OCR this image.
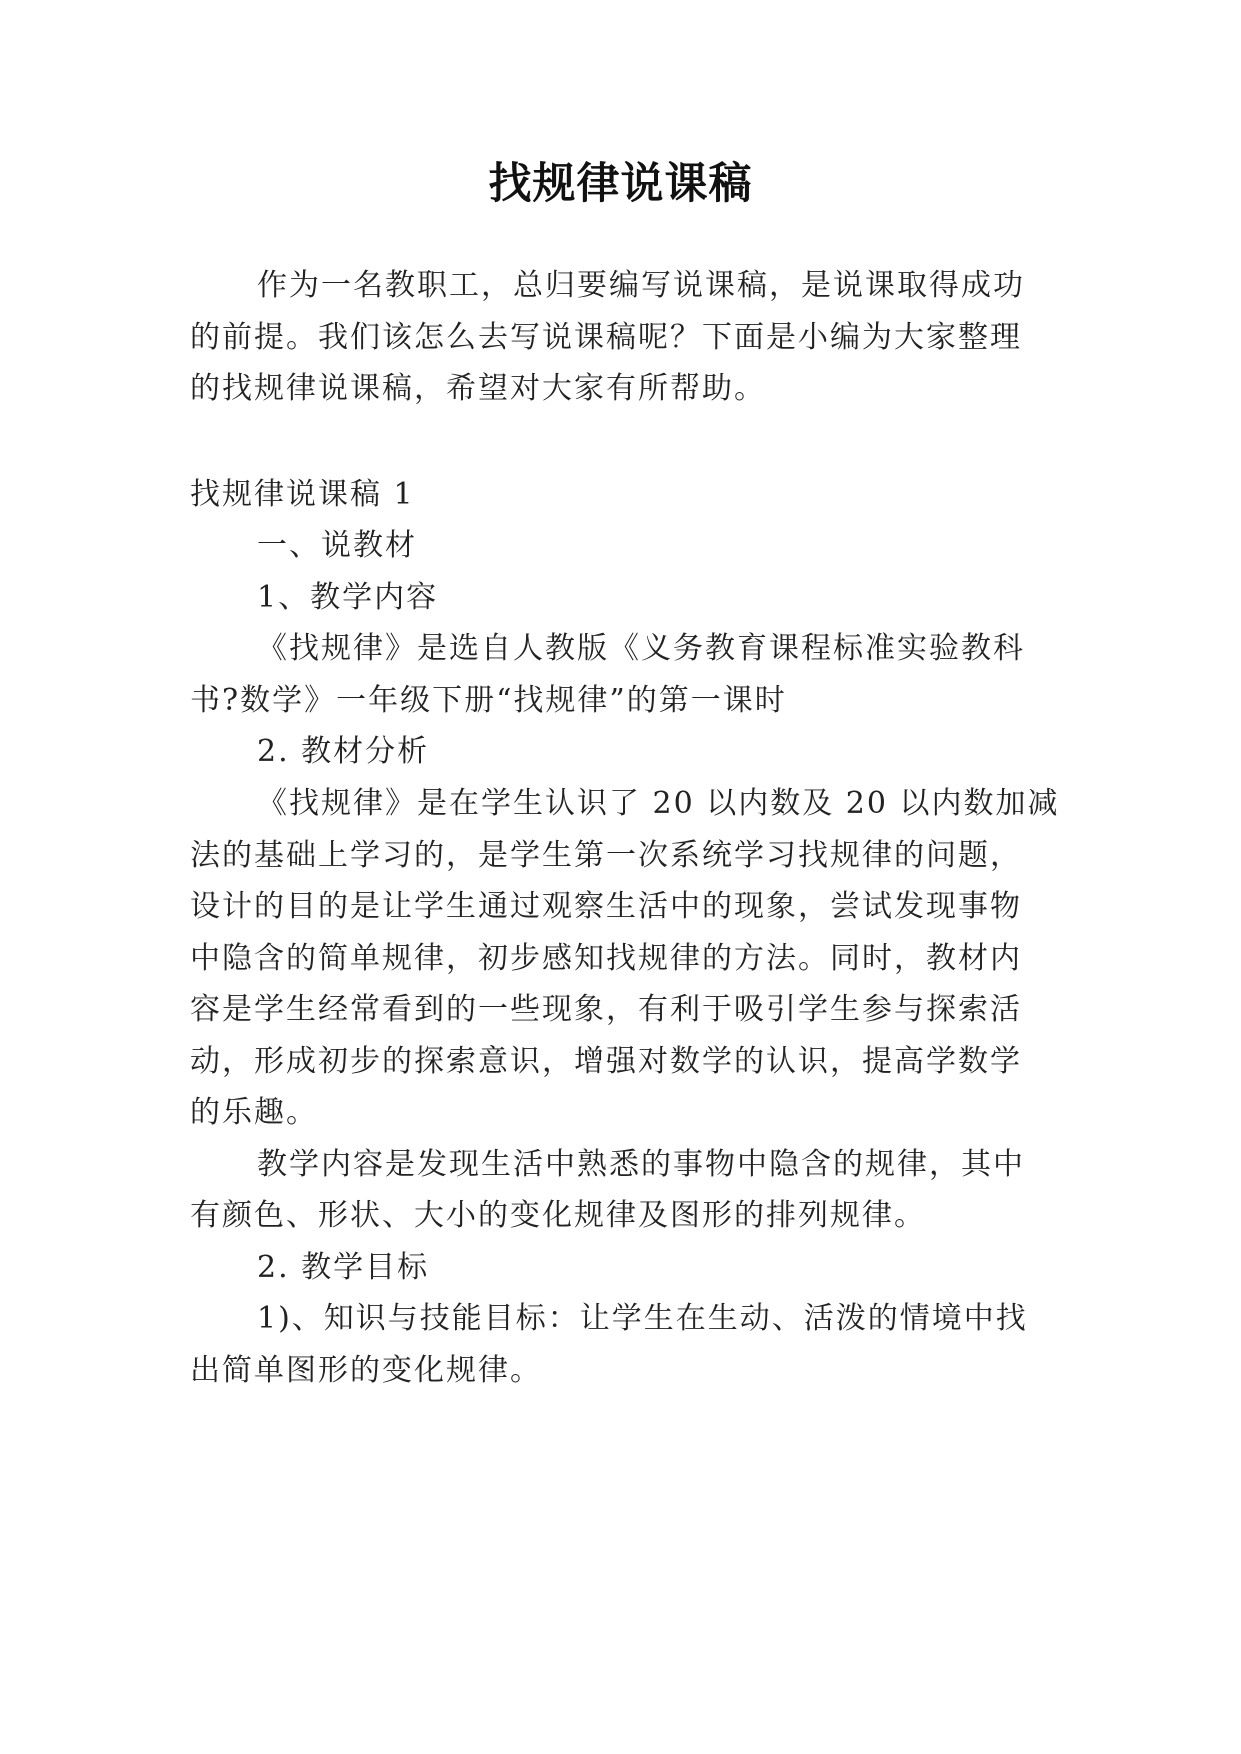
找规律说课稿
作为一名教职工，总归要编写说课稿，是说课取得成功
的前提。我们该怎么去写说课稿呢？下面是小编为大家整理
的找规律说课稿，希望对大家有所帮助。
找规律说课稿 1
一、说教材
1、教学内容
《找规律》是选自人教版《义务教育课程标准实验教科
书?数学》一年级下册“找规律”的第一课时
2. 教材分析
《找规律》是在学生认识了 20 以内数及 20 以内数加减
法的基础上学习的，是学生第一次系统学习找规律的问题，
设计的目的是让学生通过观察生活中的现象，尝试发现事物
中隐含的简单规律，初步感知找规律的方法。同时，教材内
容是学生经常看到的一些现象，有利于吸引学生参与探索活
动，形成初步的探索意识，增强对数学的认识，提高学数学
的乐趣。
教学内容是发现生活中熟悉的事物中隐含的规律，其中
有颜色、形状、大小的变化规律及图形的排列规律。
2. 教学目标
1)、知识与技能目标：让学生在生动、活泼的情境中找
出简单图形的变化规律。
